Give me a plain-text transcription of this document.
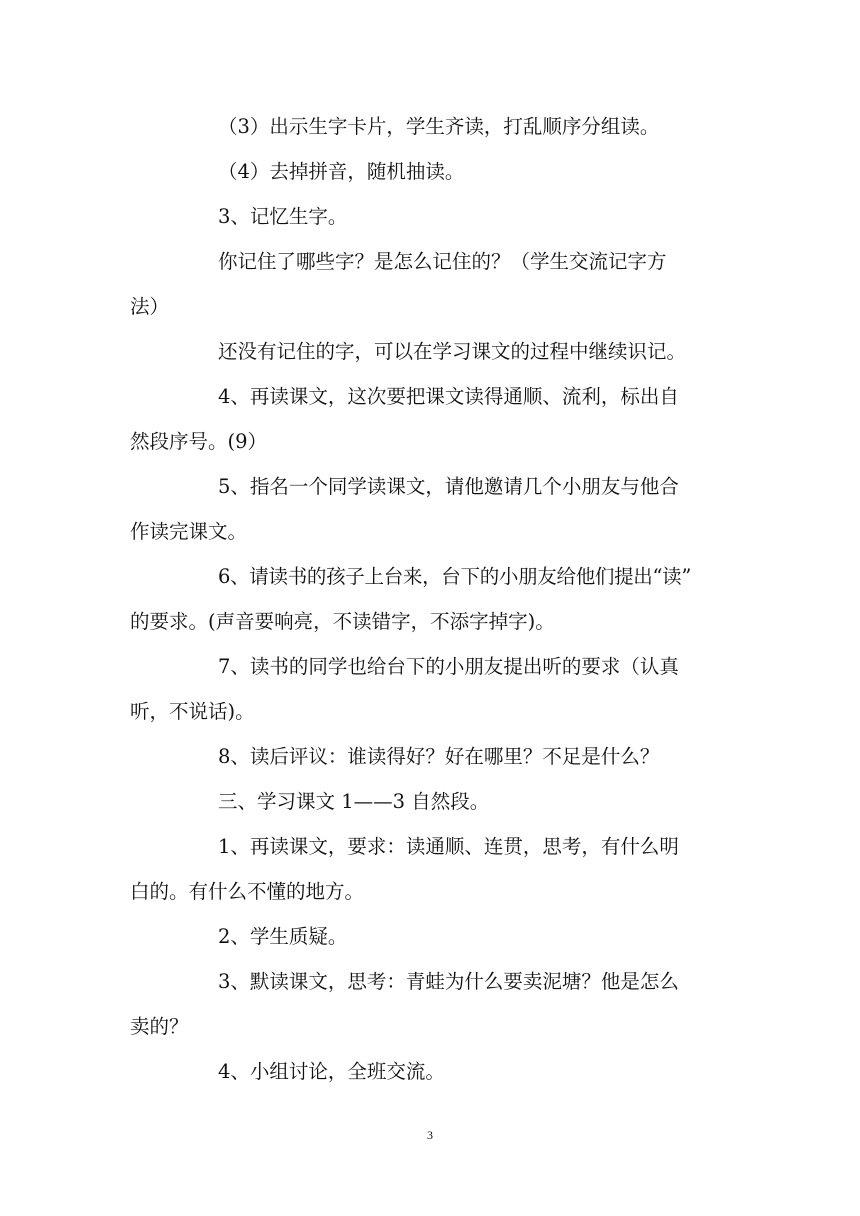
（3）出示生字卡片，学生齐读，打乱顺序分组读。

（4）去掉拼音，随机抽读。

3、记忆生字。

你记住了哪些字？是怎么记住的？（学生交流记字方
法）

还没有记住的字，可以在学习课文的过程中继续识记。

4、再读课文，这次要把课文读得通顺、流利，标出自
然段序号。(9）

5、指名一个同学读课文，请他邀请几个小朋友与他合
作读完课文。

6、请读书的孩子上台来，台下的小朋友给他们提出“读”
的要求。(声音要响亮，不读错字，不添字掉字)。

7、读书的同学也给台下的小朋友提出听的要求（认真
听，不说话)。

8、读后评议：谁读得好？好在哪里？不足是什么？

三、学习课文 1——3 自然段。

1、再读课文，要求：读通顺、连贯，思考，有什么明
白的。有什么不懂的地方。

2、学生质疑。

3、默读课文，思考：青蛙为什么要卖泥塘？他是怎么
卖的？

4、小组讨论，全班交流。

3
